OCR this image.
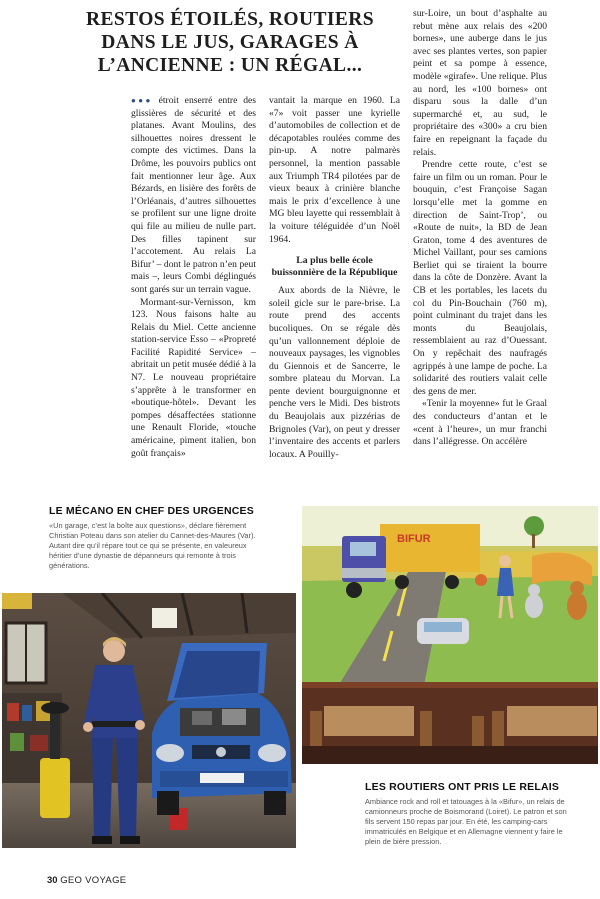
RESTOS ÉTOILÉS, ROUTIERS DANS LE JUS, GARAGES À L’ANCIENNE : UN RÉGAL...

●●● étroit enserré entre des glissières de sécurité et des platanes. Avant Moulins, des silhouettes noires dressent le compte des victimes. Dans la Drôme, les pouvoirs publics ont fait mentionner leur âge. Aux Bézards, en lisière des forêts de l’Orléanais, d’autres silhouettes se profilent sur une ligne droite qui file au milieu de nulle part. Des filles tapinent sur l’accotement. Au relais La Bifur’ – dont le patron n’en peut mais –, leurs Combi déglingués sont garés sur un terrain vague.

Mormant-sur-Vernisson, km 123. Nous faisons halte au Relais du Miel. Cette ancienne station-service Esso – «Propreté Facilité Rapidité Service» – abritait un petit musée dédié à la N7. Le nouveau propriétaire s’apprête à le transformer en «boutique-hôtel». Devant les pompes désaffectées stationne une Renault Floride, «touche américaine, piment italien, bon goût français»

vantait la marque en 1960. La «7» voit passer une kyrielle d’automobiles de collection et de décapotables roulées comme des pin-up. A notre palmarès personnel, la mention passable aux Triumph TR4 pilotées par de vieux beaux à crinière blanche mais le prix d’excellence à une MG bleu layette qui ressemblait à la voiture téléguidée d’un Noël 1964.

La plus belle école buissonnière de la République

Aux abords de la Nièvre, le soleil gicle sur le pare-brise. La route prend des accents bucoliques. On se régale dès qu’un vallonnement déploie de nouveaux paysages, les vignobles du Giennois et de Sancerre, le sombre plateau du Morvan. La pente devient bourguignonne et penche vers le Midi. Des bistrots du Beaujolais aux pizzérias de Brignoles (Var), on peut y dresser l’inventaire des accents et parlers locaux. A Pouilly-

sur-Loire, un bout d’asphalte au rebut mène aux relais des «200 bornes», une auberge dans le jus avec ses plantes vertes, son papier peint et sa pompe à essence, modèle «girafe». Une relique. Plus au nord, les «100 bornes» ont disparu sous la dalle d’un supermarché et, au sud, le propriétaire des «300» a cru bien faire en repeignant la façade du relais.

Prendre cette route, c’est se faire un film ou un roman. Pour le bouquin, c’est Françoise Sagan lorsqu’elle met la gomme en direction de Saint-Trop’, ou «Route de nuit», la BD de Jean Graton, tome 4 des aventures de Michel Vaillant, pour ses camions Berliet qui se tiraient la bourre dans la côte de Donzère. Avant la CB et les portables, les lacets du col du Pin-Bouchain (760 m), point culminant du trajet dans les monts du Beaujolais, ressemblaient au raz d’Ouessant. On y repêchait des naufragés agrippés à une lampe de poche. La solidarité des routiers valait celle des gens de mer.

«Tenir la moyenne» fut le Graal des conducteurs d’antan et le «cent à l’heure», un mur franchi dans l’allégresse. On accélère

LE MÉCANO EN CHEF DES URGENCES
«Un garage, c’est la boîte aux questions», déclare fièrement Christian Poteau dans son atelier du Cannet-des-Maures (Var). Autant dire qu’il répare tout ce qui se présente, en valeureux héritier d’une dynastie de dépanneurs qui remonte à trois générations.
BIFUR
LES ROUTIERS ONT PRIS LE RELAIS
Ambiance rock and roll et tatouages à la «Bifur», un relais de camionneurs proche de Boismorand (Loiret). Le patron et son fils servent 150 repas par jour. En été, les camping-cars immatriculés en Belgique et en Allemagne viennent y faire le plein de bière pression.
30 GEO VOYAGE
